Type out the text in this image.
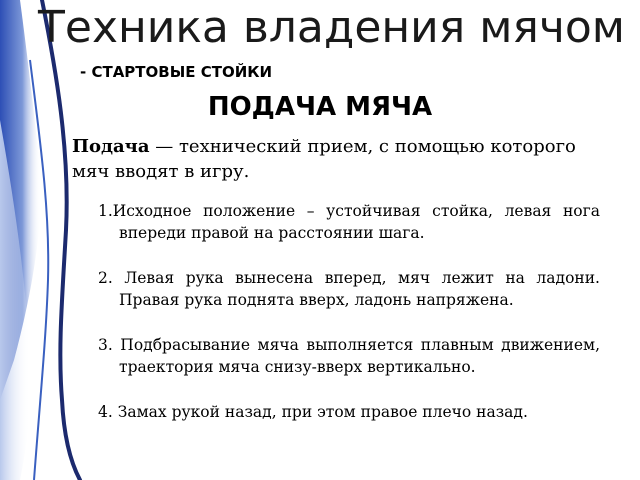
Техника владения мячом
- СТАРТОВЫЕ СТОЙКИ
ПОДАЧА МЯЧА

Подача — технический прием, с помощью которого мяч вводят в игру.

1.Исходное положение – устойчивая стойка, левая нога впереди правой на расстоянии шага.
2. Левая рука вынесена вперед, мяч лежит на ладони. Правая рука поднята вверх, ладонь напряжена.
3. Подбрасывание мяча выполняется плавным движением, траектория мяча снизу-вверх вертикально.
4. Замах рукой назад, при этом правое плечо назад.
